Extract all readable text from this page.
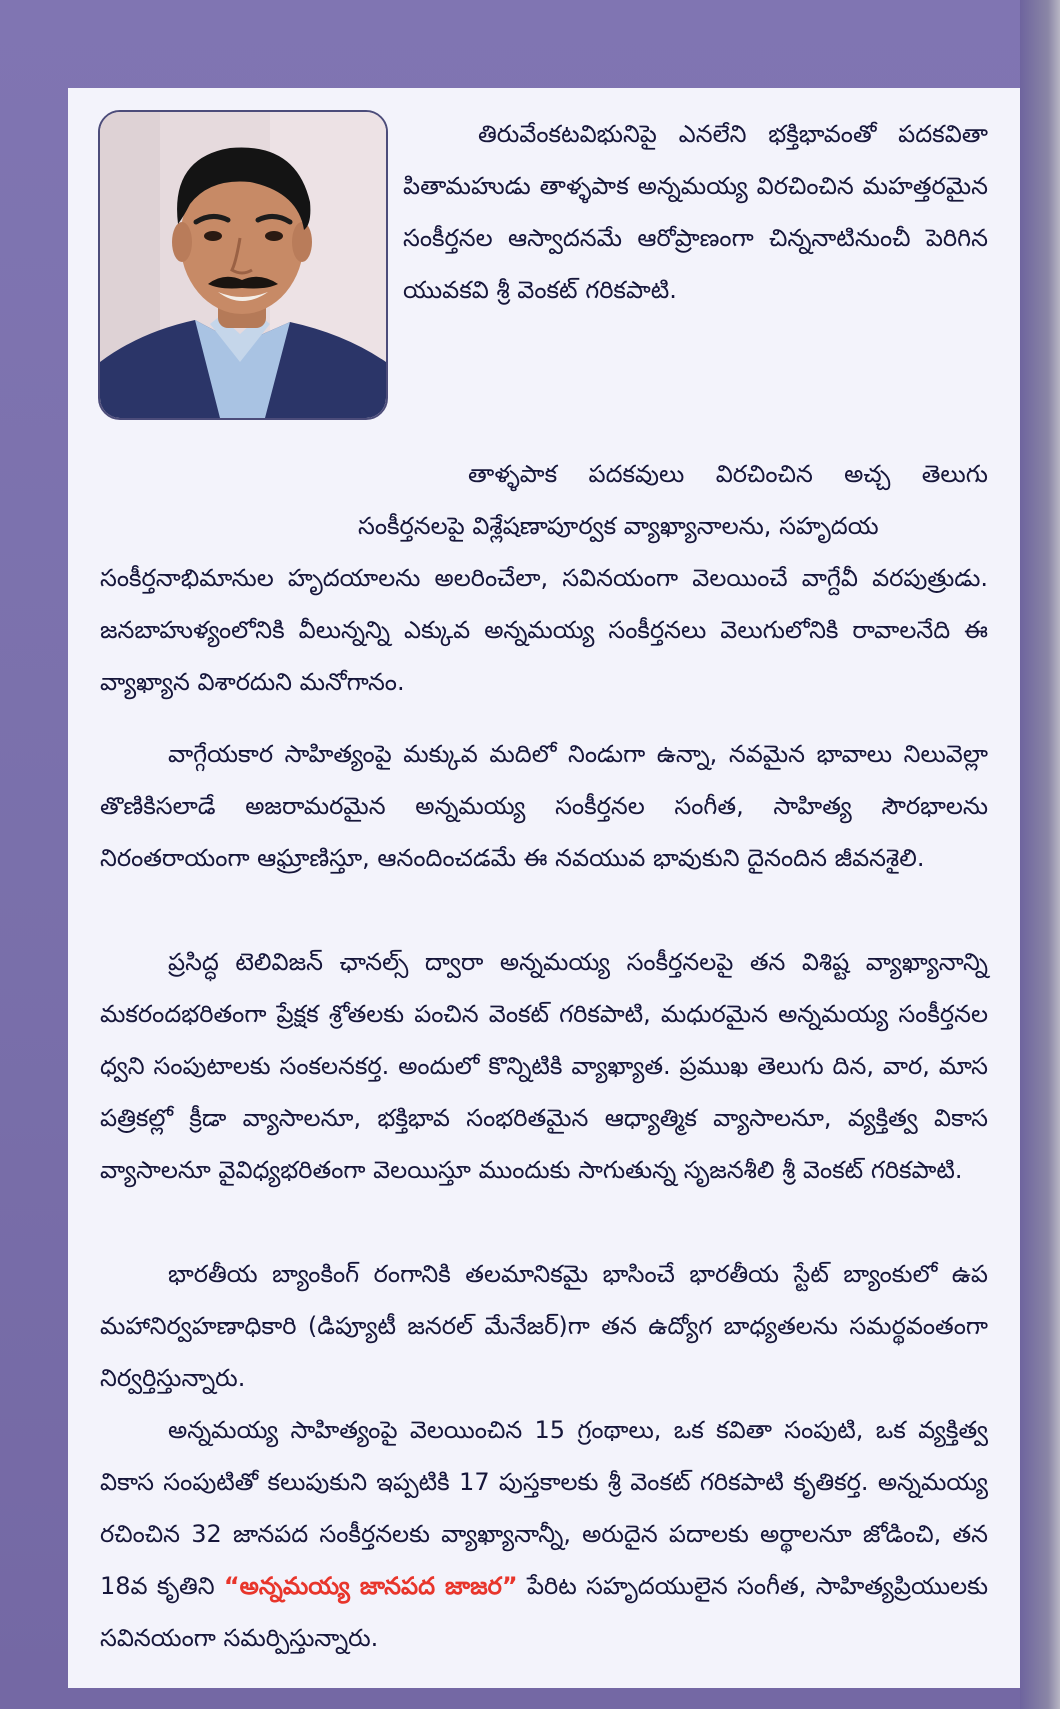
తిరువేంకటవిభునిపై ఎనలేని భక్తిభావంతో పదకవితా పితామహుడు తాళ్ళపాక అన్నమయ్య విరచించిన మహత్తరమైన సంకీర్తనల ఆస్వాదనమే ఆరోప్రాణంగా చిన్ననాటినుంచీ పెరిగిన యువకవి శ్రీ వెంకట్ గరికపాటి.
తాళ్ళపాక పదకవులు విరచించిన అచ్చ తెలుగు సంకీర్తనలపై విశ్లేషణాపూర్వక వ్యాఖ్యానాలను, సహృదయ
సంకీర్తనాభిమానుల హృదయాలను అలరించేలా, సవినయంగా వెలయించే వాగ్దేవీ వరపుత్రుడు. జనబాహుళ్యంలోనికి వీలున్నన్ని ఎక్కువ అన్నమయ్య సంకీర్తనలు వెలుగులోనికి రావాలనేది ఈ వ్యాఖ్యాన విశారదుని మనోగానం.
వాగ్గేయకార సాహిత్యంపై మక్కువ మదిలో నిండుగా ఉన్నా, నవమైన భావాలు నిలువెల్లా తొణికిసలాడే అజరామరమైన అన్నమయ్య సంకీర్తనల సంగీత, సాహిత్య సౌరభాలను నిరంతరాయంగా ఆఘ్రాణిస్తూ, ఆనందించడమే ఈ నవయువ భావుకుని దైనందిన జీవనశైలి.
ప్రసిద్ధ టెలివిజన్ ఛానల్స్ ద్వారా అన్నమయ్య సంకీర్తనలపై తన విశిష్ట వ్యాఖ్యానాన్ని మకరందభరితంగా ప్రేక్షక శ్రోతలకు పంచిన వెంకట్ గరికపాటి, మధురమైన అన్నమయ్య సంకీర్తనల ధ్వని సంపుటాలకు సంకలనకర్త. అందులో కొన్నిటికి వ్యాఖ్యాత. ప్రముఖ తెలుగు దిన, వార, మాస పత్రికల్లో క్రీడా వ్యాసాలనూ, భక్తిభావ సంభరితమైన ఆధ్యాత్మిక వ్యాసాలనూ, వ్యక్తిత్వ వికాస వ్యాసాలనూ వైవిధ్యభరితంగా వెలయిస్తూ ముందుకు సాగుతున్న సృజనశీలి శ్రీ వెంకట్ గరికపాటి.
భారతీయ బ్యాంకింగ్ రంగానికి తలమానికమై భాసించే భారతీయ స్టేట్ బ్యాంకులో ఉప మహానిర్వహణాధికారి (డిప్యూటీ జనరల్ మేనేజర్)గా తన ఉద్యోగ బాధ్యతలను సమర్థవంతంగా నిర్వర్తిస్తున్నారు.
అన్నమయ్య సాహిత్యంపై వెలయించిన 15 గ్రంథాలు, ఒక కవితా సంపుటి, ఒక వ్యక్తిత్వ వికాస సంపుటితో కలుపుకుని ఇప్పటికి 17 పుస్తకాలకు శ్రీ వెంకట్ గరికపాటి కృతికర్త. అన్నమయ్య రచించిన 32 జానపద సంకీర్తనలకు వ్యాఖ్యానాన్నీ, అరుదైన పదాలకు అర్థాలనూ జోడించి, తన 18వ కృతిని “అన్నమయ్య జానపద జాజర” పేరిట సహృదయులైన సంగీత, సాహిత్యప్రియులకు సవినయంగా సమర్పిస్తున్నారు.
